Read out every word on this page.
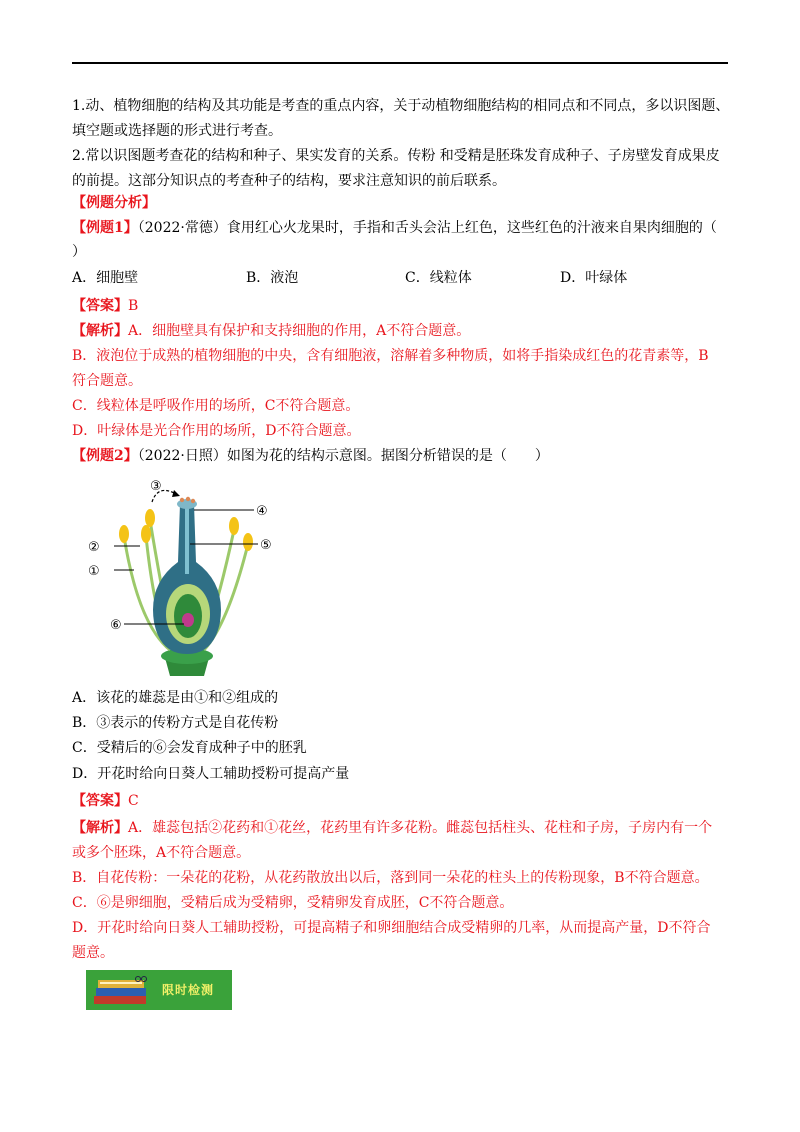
1.动、植物细胞的结构及其功能是考查的重点内容，关于动植物细胞结构的相同点和不同点，多以识图题、
填空题或选择题的形式进行考查。
2.常以识图题考查花的结构和种子、果实发育的关系。传粉 和受精是胚珠发育成种子、子房壁发育成果皮
的前提。这部分知识点的考查种子的结构，要求注意知识的前后联系。
【例题分析】
【例题1】（2022·常德）食用红心火龙果时，手指和舌头会沾上红色，这些红色的汁液来自果肉细胞的（
）
A．细胞壁	B．液泡	C．线粒体	D．叶绿体
【答案】B
【解析】A．细胞壁具有保护和支持细胞的作用，A不符合题意。
B．液泡位于成熟的植物细胞的中央，含有细胞液，溶解着多种物质，如将手指染成红色的花青素等，B
符合题意。
C．线粒体是呼吸作用的场所，C不符合题意。
D．叶绿体是光合作用的场所，D不符合题意。
【例题2】（2022·日照）如图为花的结构示意图。据图分析错误的是（　　）
②
①
③
④
⑤
⑥
A．该花的雄蕊是由①和②组成的
B．③表示的传粉方式是自花传粉
C．受精后的⑥会发育成种子中的胚乳
D．开花时给向日葵人工辅助授粉可提高产量
【答案】C
【解析】A．雄蕊包括②花药和①花丝，花药里有许多花粉。雌蕊包括柱头、花柱和子房，子房内有一个
或多个胚珠，A不符合题意。
B．自花传粉：一朵花的花粉，从花药散放出以后，落到同一朵花的柱头上的传粉现象，B不符合题意。
C．⑥是卵细胞，受精后成为受精卵，受精卵发育成胚，C不符合题意。
D．开花时给向日葵人工辅助授粉，可提高精子和卵细胞结合成受精卵的几率，从而提高产量，D不符合
题意。
限时检测
